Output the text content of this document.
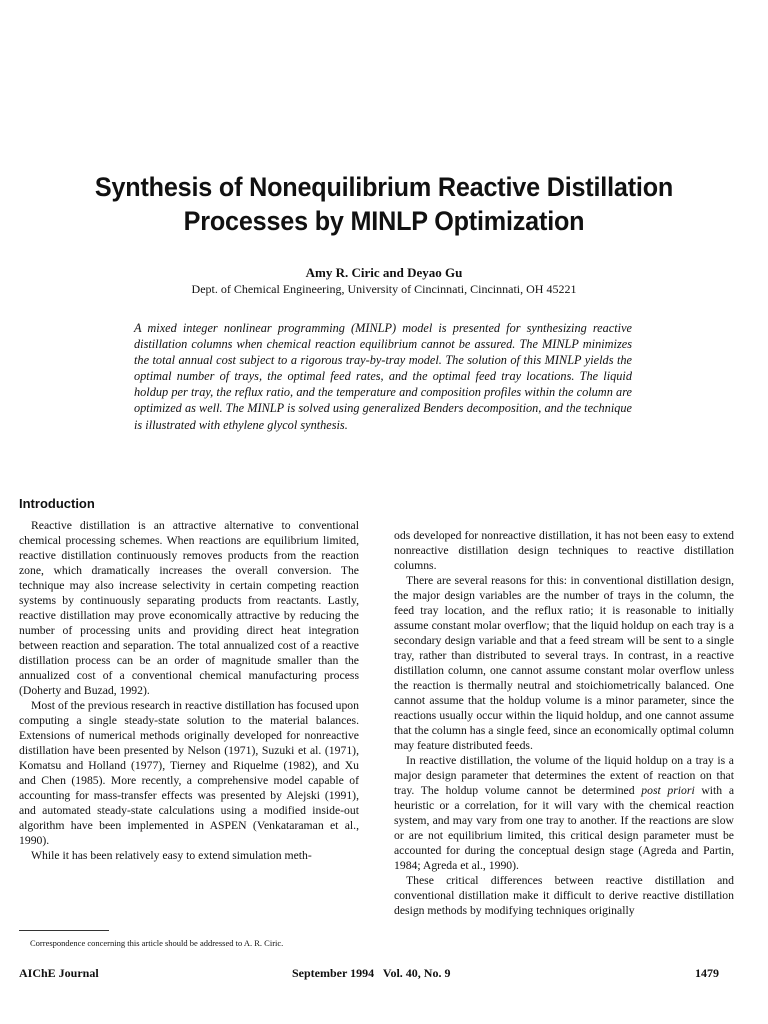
Synthesis of Nonequilibrium Reactive Distillation
Processes by MINLP Optimization
Amy R. Ciric and Deyao Gu
Dept. of Chemical Engineering, University of Cincinnati, Cincinnati, OH 45221
A mixed integer nonlinear programming (MINLP) model is presented for synthesizing reactive distillation columns when chemical reaction equilibrium cannot be assured. The MINLP minimizes the total annual cost subject to a rigorous tray-by-tray model. The solution of this MINLP yields the optimal number of trays, the optimal feed rates, and the optimal feed tray locations. The liquid holdup per tray, the reflux ratio, and the temperature and composition profiles within the column are optimized as well. The MINLP is solved using generalized Benders decomposition, and the technique is illustrated with ethylene glycol synthesis.
Introduction

Reactive distillation is an attractive alternative to conventional chemical processing schemes. When reactions are equilibrium limited, reactive distillation continuously removes products from the reaction zone, which dramatically increases the overall conversion. The technique may also increase selectivity in certain competing reaction systems by continuously separating products from reactants. Lastly, reactive distillation may prove economically attractive by reducing the number of processing units and providing direct heat integration between reaction and separation. The total annualized cost of a reactive distillation process can be an order of magnitude smaller than the annualized cost of a conventional chemical manufacturing process (Doherty and Buzad, 1992).

Most of the previous research in reactive distillation has focused upon computing a single steady-state solution to the material balances. Extensions of numerical methods originally developed for nonreactive distillation have been presented by Nelson (1971), Suzuki et al. (1971), Komatsu and Holland (1977), Tierney and Riquelme (1982), and Xu and Chen (1985). More recently, a comprehensive model capable of accounting for mass-transfer effects was presented by Alejski (1991), and automated steady-state calculations using a modified inside-out algorithm have been implemented in ASPEN (Venkataraman et al., 1990).

While it has been relatively easy to extend simulation meth-

ods developed for nonreactive distillation, it has not been easy to extend nonreactive distillation design techniques to reactive distillation columns.

There are several reasons for this: in conventional distillation design, the major design variables are the number of trays in the column, the feed tray location, and the reflux ratio; it is reasonable to initially assume constant molar overflow; that the liquid holdup on each tray is a secondary design variable and that a feed stream will be sent to a single tray, rather than distributed to several trays. In contrast, in a reactive distillation column, one cannot assume constant molar overflow unless the reaction is thermally neutral and stoichiometrically balanced. One cannot assume that the holdup volume is a minor parameter, since the reactions usually occur within the liquid holdup, and one cannot assume that the column has a single feed, since an economically optimal column may feature distributed feeds.

In reactive distillation, the volume of the liquid holdup on a tray is a major design parameter that determines the extent of reaction on that tray. The holdup volume cannot be determined post priori with a heuristic or a correlation, for it will vary with the chemical reaction system, and may vary from one tray to another. If the reactions are slow or are not equilibrium limited, this critical design parameter must be accounted for during the conceptual design stage (Agreda and Partin, 1984; Agreda et al., 1990).

These critical differences between reactive distillation and conventional distillation make it difficult to derive reactive distillation design methods by modifying techniques originally

Correspondence concerning this article should be addressed to A. R. Ciric.
AIChE Journal	September 1994   Vol. 40, No. 9	1479
